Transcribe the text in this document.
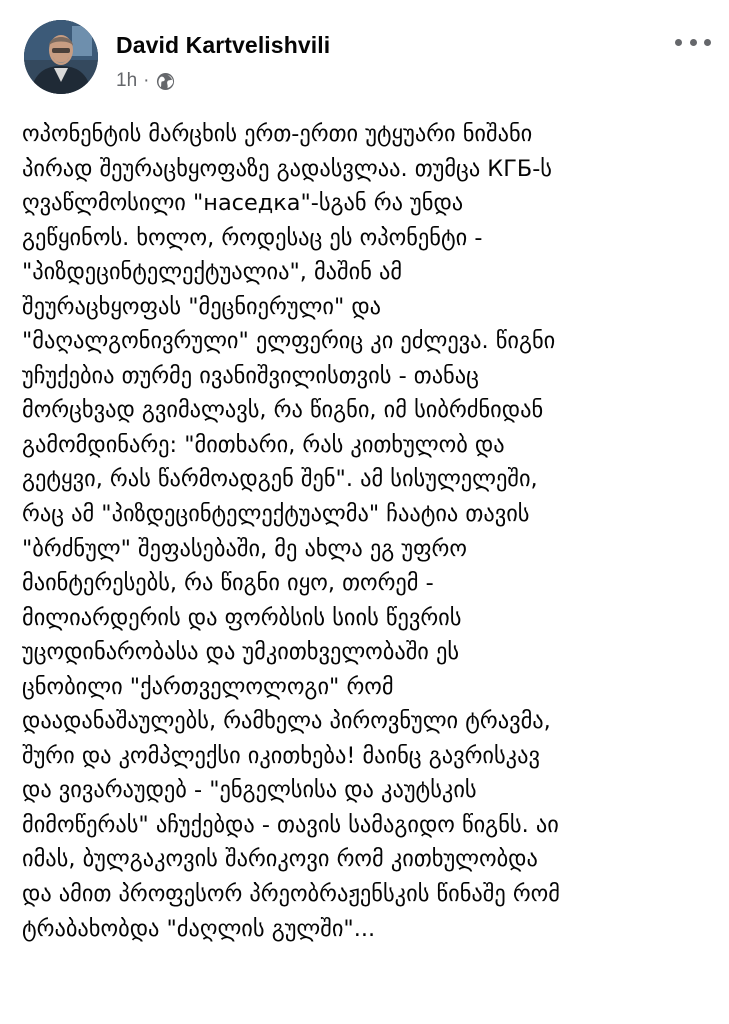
David Kartvelishvili
1h ·
ოპონენტის მარცხის ერთ-ერთი უტყუარი ნიშანი
პირად შეურაცხყოფაზე გადასვლაა. თუმცა КГБ-ს
ღვაწლმოსილი "наседка"-სგან რა უნდა
გეწყინოს. ხოლო, როდესაც ეს ოპონენტი -
"პიზდეცინტელექტუალია", მაშინ ამ
შეურაცხყოფას "მეცნიერული" და
"მაღალგონივრული" ელფერიც კი ეძლევა. წიგნი
უჩუქებია თურმე ივანიშვილისთვის - თანაც
მორცხვად გვიმალავს, რა წიგნი, იმ სიბრძნიდან
გამომდინარე: "მითხარი, რას კითხულობ და
გეტყვი, რას წარმოადგენ შენ". ამ სისულელეში,
რაც ამ "პიზდეცინტელექტუალმა" ჩაატია თავის
"ბრძნულ" შეფასებაში, მე ახლა ეგ უფრო
მაინტერესებს, რა წიგნი იყო, თორემ -
მილიარდერის და ფორბსის სიის წევრის
უცოდინარობასა და უმკითხველობაში ეს
ცნობილი "ქართველოლოგი" რომ
დაადანაშაულებს, რამხელა პიროვნული ტრავმა,
შური და კომპლექსი იკითხება! მაინც გავრისკავ
და ვივარაუდებ - "ენგელსისა და კაუტსკის
მიმოწერას" აჩუქებდა - თავის სამაგიდო წიგნს. აი
იმას, ბულგაკოვის შარიკოვი რომ კითხულობდა
და ამით პროფესორ პრეობრაჟენსკის წინაშე რომ
ტრაბახობდა "ძაღლის გულში"...
